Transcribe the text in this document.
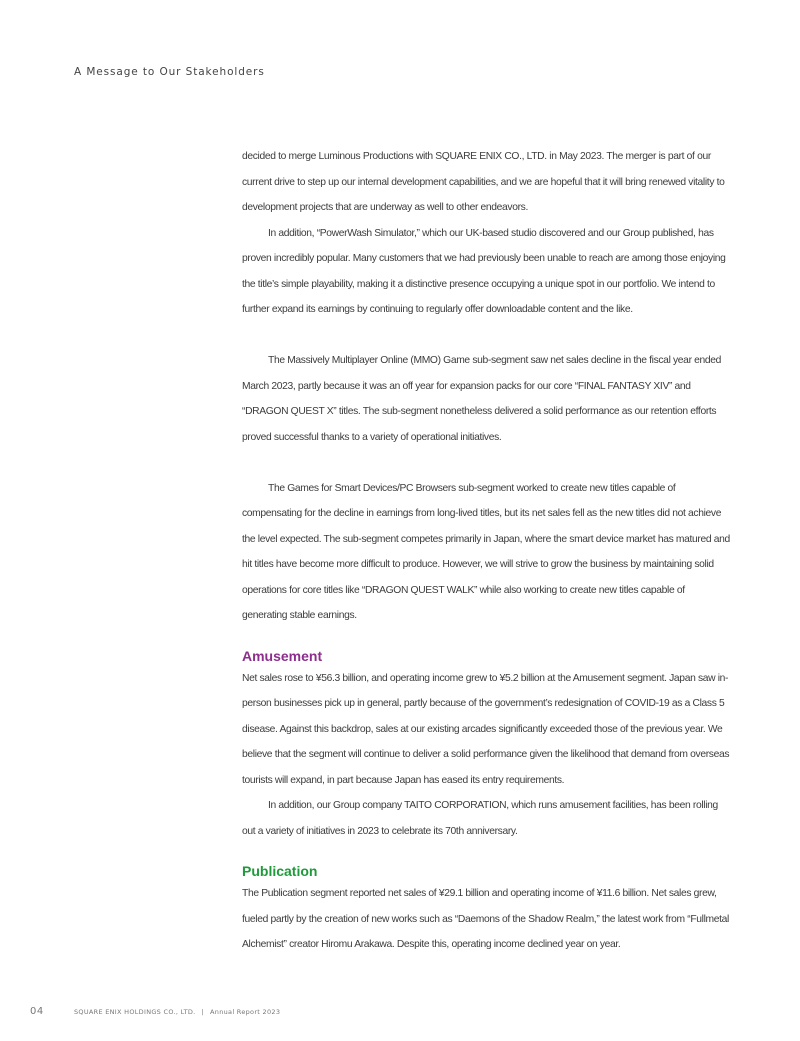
A Message to Our Stakeholders

decided to merge Luminous Productions with SQUARE ENIX CO., LTD. in May 2023. The merger is part of our current drive to step up our internal development capabilities, and we are hopeful that it will bring renewed vitality to development projects that are underway as well to other endeavors.

In addition, “PowerWash Simulator,” which our UK-based studio discovered and our Group published, has proven incredibly popular. Many customers that we had previously been unable to reach are among those enjoying the title’s simple playability, making it a distinctive presence occupying a unique spot in our portfolio. We intend to further expand its earnings by continuing to regularly offer downloadable content and the like.

The Massively Multiplayer Online (MMO) Game sub-segment saw net sales decline in the fiscal year ended March 2023, partly because it was an off year for expansion packs for our core “FINAL FANTASY XIV” and “DRAGON QUEST X” titles. The sub-segment nonetheless delivered a solid performance as our retention efforts proved successful thanks to a variety of operational initiatives.

The Games for Smart Devices/PC Browsers sub-segment worked to create new titles capable of compensating for the decline in earnings from long-lived titles, but its net sales fell as the new titles did not achieve the level expected. The sub-segment competes primarily in Japan, where the smart device market has matured and hit titles have become more difficult to produce. However, we will strive to grow the business by maintaining solid operations for core titles like “DRAGON QUEST WALK” while also working to create new titles capable of generating stable earnings.

Amusement

Net sales rose to ¥56.3 billion, and operating income grew to ¥5.2 billion at the Amusement segment. Japan saw in-person businesses pick up in general, partly because of the government’s redesignation of COVID-19 as a Class 5 disease. Against this backdrop, sales at our existing arcades significantly exceeded those of the previous year. We believe that the segment will continue to deliver a solid performance given the likelihood that demand from overseas tourists will expand, in part because Japan has eased its entry requirements.

In addition, our Group company TAITO CORPORATION, which runs amusement facilities, has been rolling out a variety of initiatives in 2023 to celebrate its 70th anniversary.

Publication

The Publication segment reported net sales of ¥29.1 billion and operating income of ¥11.6 billion. Net sales grew, fueled partly by the creation of new works such as “Daemons of the Shadow Realm,” the latest work from “Fullmetal Alchemist” creator Hiromu Arakawa. Despite this, operating income declined year on year.

04	SQUARE ENIX HOLDINGS CO., LTD. | Annual Report 2023
